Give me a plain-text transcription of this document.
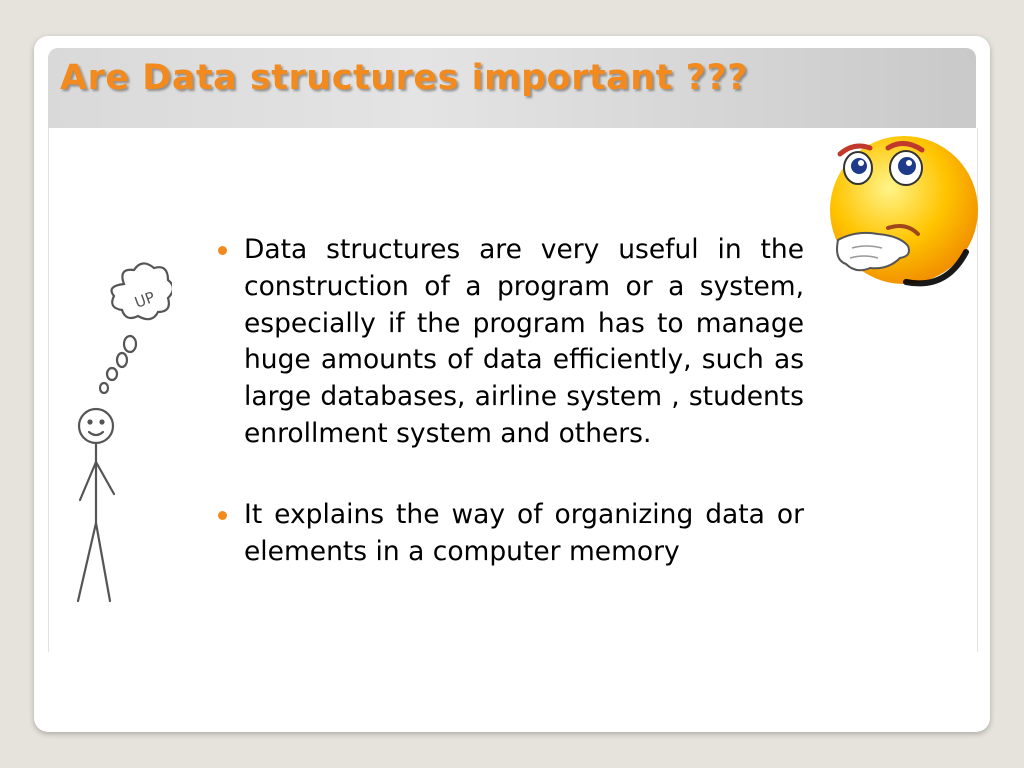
Are Data structures important ???
UP
Data structures are very useful in the construction of a program or a system, especially if the program has to manage huge amounts of data efficiently, such as large databases, airline system , students enrollment system and others.
It explains the way of organizing data or elements in a computer memory
